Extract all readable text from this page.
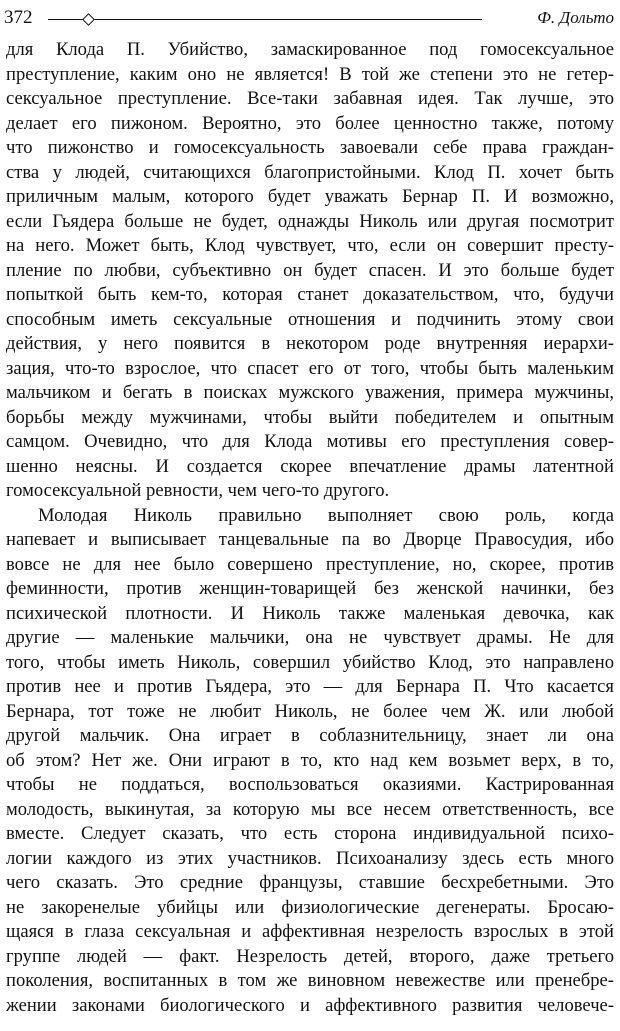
372	Ф. Дольто
для Клода П. Убийство, замаскированное под гомосексуальное
преступление, каким оно не является! В той же степени это не гетер-
сексуальное преступление. Все-таки забавная идея. Так лучше, это
делает его пижоном. Вероятно, это более ценностно также, потому
что пижонство и гомосексуальность завоевали себе права граждан-
ства у людей, считающихся благопристойными. Клод П. хочет быть
приличным малым, которого будет уважать Бернар П. И возможно,
если Гьядера больше не будет, однажды Николь или другая посмотрит
на него. Может быть, Клод чувствует, что, если он совершит престу-
пление по любви, субъективно он будет спасен. И это больше будет
попыткой быть кем-то, которая станет доказательством, что, будучи
способным иметь сексуальные отношения и подчинить этому свои
действия, у него появится в некотором роде внутренняя иерархи-
зация, что-то взрослое, что спасет его от того, чтобы быть маленьким
мальчиком и бегать в поисках мужского уважения, примера мужчины,
борьбы между мужчинами, чтобы выйти победителем и опытным
самцом. Очевидно, что для Клода мотивы его преступления совер-
шенно неясны. И создается скорее впечатление драмы латентной
гомосексуальной ревности, чем чего-то другого.
Молодая Николь правильно выполняет свою роль, когда
напевает и выписывает танцевальные па во Дворце Правосудия, ибо
вовсе не для нее было совершено преступление, но, скорее, против
феминности, против женщин-товарищей без женской начинки, без
психической плотности. И Николь также маленькая девочка, как
другие — маленькие мальчики, она не чувствует драмы. Не для
того, чтобы иметь Николь, совершил убийство Клод, это направлено
против нее и против Гьядера, это — для Бернара П. Что касается
Бернара, тот тоже не любит Николь, не более чем Ж. или любой
другой мальчик. Она играет в соблазнительницу, знает ли она
об этом? Нет же. Они играют в то, кто над кем возьмет верх, в то,
чтобы не поддаться, воспользоваться оказиями. Кастрированная
молодость, выкинутая, за которую мы все несем ответственность, все
вместе. Следует сказать, что есть сторона индивидуальной психо-
логии каждого из этих участников. Психоанализу здесь есть много
чего сказать. Это средние французы, ставшие бесхребетными. Это
не закоренелые убийцы или физиологические дегенераты. Бросаю-
щаяся в глаза сексуальная и аффективная незрелость взрослых в этой
группе людей — факт. Незрелость детей, второго, даже третьего
поколения, воспитанных в том же виновном невежестве или пренебре-
жении законами биологического и аффективного развития человече-
